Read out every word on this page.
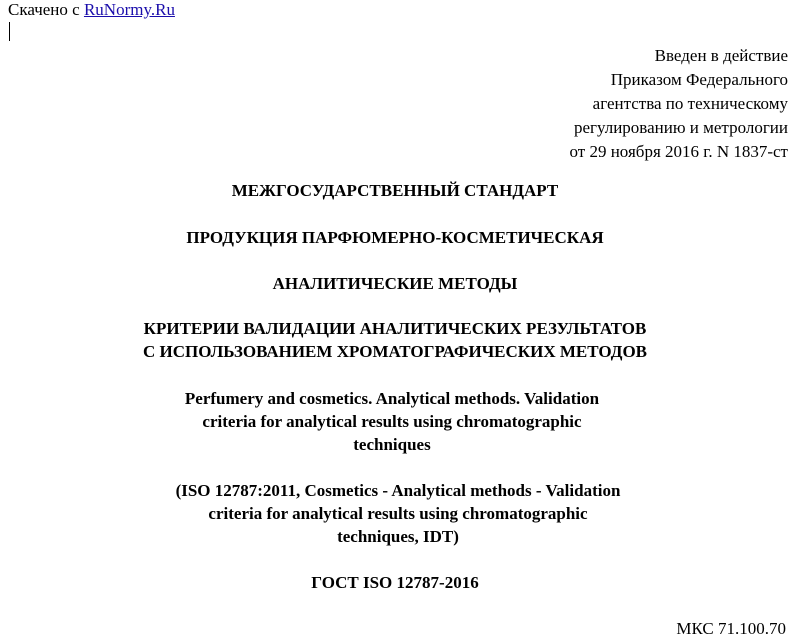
Скачено с RuNormy.Ru
Введен в действие
Приказом Федерального
агентства по техническому
регулированию и метрологии
от 29 ноября 2016 г. N 1837-ст
МЕЖГОСУДАРСТВЕННЫЙ СТАНДАРТ
ПРОДУКЦИЯ ПАРФЮМЕРНО-КОСМЕТИЧЕСКАЯ
АНАЛИТИЧЕСКИЕ МЕТОДЫ
КРИТЕРИИ ВАЛИДАЦИИ АНАЛИТИЧЕСКИХ РЕЗУЛЬТАТОВ
С ИСПОЛЬЗОВАНИЕМ ХРОМАТОГРАФИЧЕСКИХ МЕТОДОВ
Perfumery and cosmetics. Analytical methods. Validation
criteria for analytical results using chromatographic
techniques
(ISO 12787:2011, Cosmetics - Analytical methods - Validation
criteria for analytical results using chromatographic
techniques, IDT)
ГОСТ ISO 12787-2016
МКС 71.100.70
